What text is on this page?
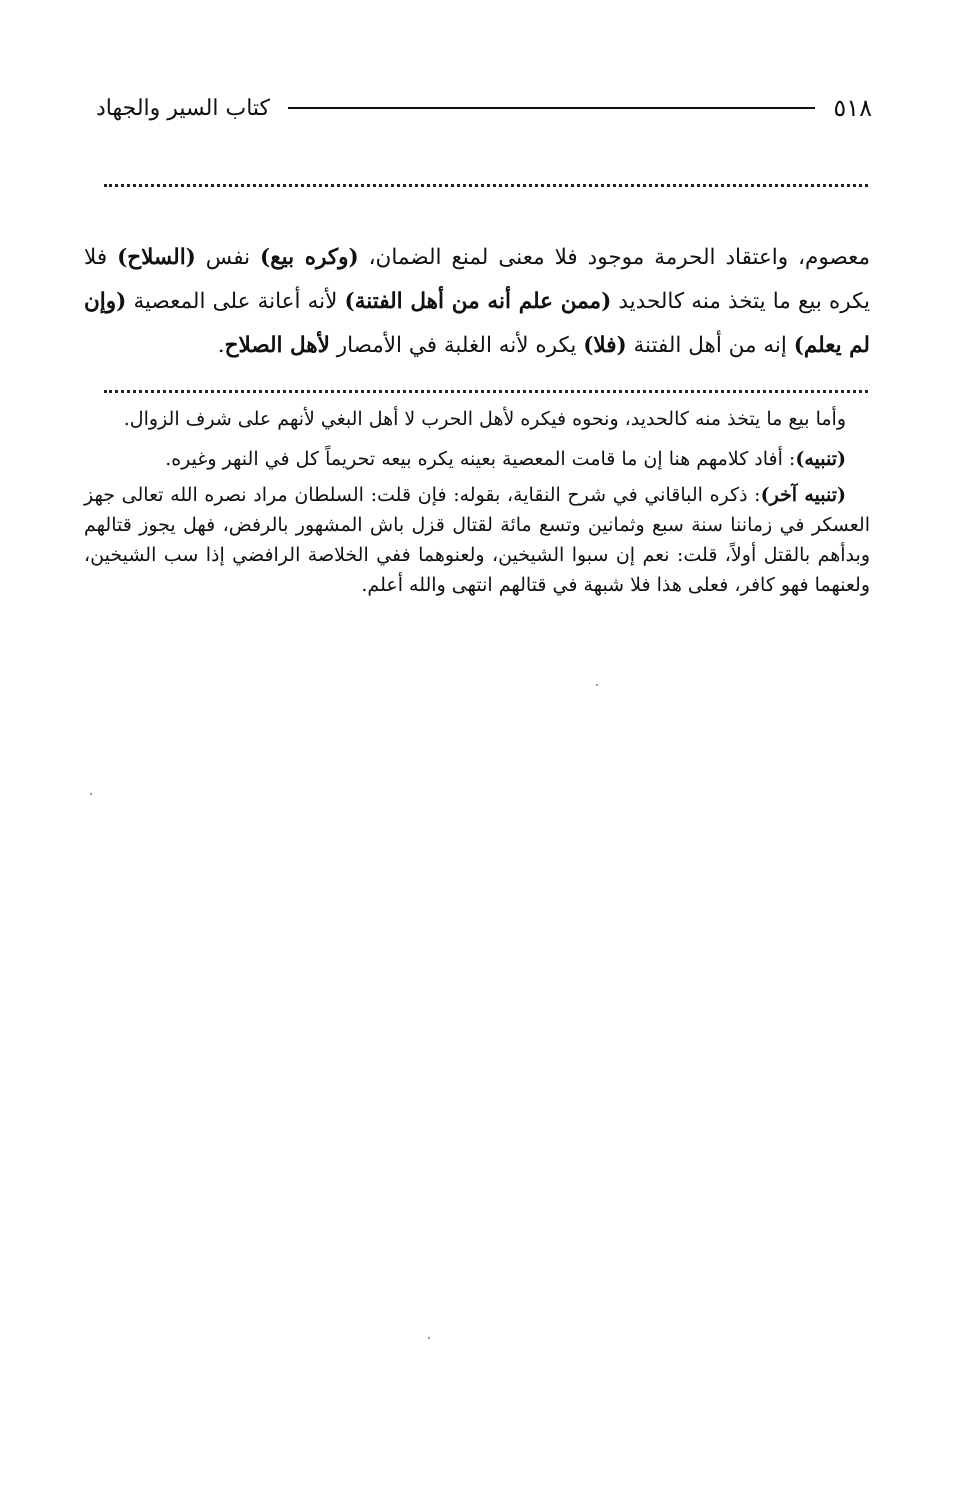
٥١٨
كتاب السير والجهاد

معصوم، واعتقاد الحرمة موجود فلا معنى لمنع الضمان، (وكره بيع) نفس (السلاح) فلا يكره بيع ما يتخذ منه كالحديد (ممن علم أنه من أهل الفتنة) لأنه أعانة على المعصية (وإن لم يعلم) إنه من أهل الفتنة (فلا) يكره لأنه الغلبة في الأمصار لأهل الصلاح.

وأما بيع ما يتخذ منه كالحديد، ونحوه فيكره لأهل الحرب لا أهل البغي لأنهم على شرف الزوال.

(تنبيه): أفاد كلامهم هنا إن ما قامت المعصية بعينه يكره بيعه تحريماً كل في النهر وغيره.

(تنبيه آخر): ذكره الباقاني في شرح النقاية، بقوله: فإن قلت: السلطان مراد نصره الله تعالى جهز العسكر في زماننا سنة سبع وثمانين وتسع مائة لقتال قزل باش المشهور بالرفض، فهل يجوز قتالهم وبدأهم بالقتل أولاً، قلت: نعم إن سبوا الشيخين، ولعنوهما ففي الخلاصة الرافضي إذا سب الشيخين، ولعنهما فهو كافر، فعلى هذا فلا شبهة في قتالهم انتهى والله أعلم.
